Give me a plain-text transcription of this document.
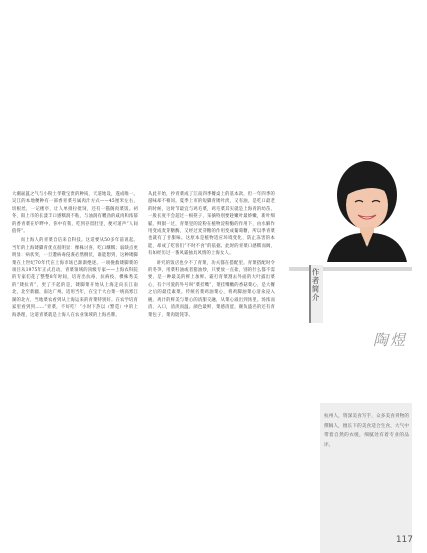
大潮氤氲之气与小粉土孝敬宝贵的种质，天道地设，遂成唯一。吴江的本地粳种有一部香青菜号属肉汁方式——45厘米左右，切根丝，一记楼亭，让人单排拉批饲，还有一猫阁肉菜饭。初冬，阳上市的长漾丰口感糯润不粘，与油润有嚼劲的咸肉和浓郁的香青菜在炉畔中，你中有我，吃到存留肚里，便可道声“人间值得”。

而上海人的青菜自信来自科技。这话要从50多年前说起。当年的上海矮脚青优点很明显：棵株讨喜，吃口酥糯；弱缺点更明显：病状突，一旦遭病毒侵袭必然倒伏，谁能想到，这种矮脚菜在上世纪70年代在上海市场已渐渐绝迹。一项挽救矮脚菜的项目从1975年正式启动，青菜领域的顶级专家——上海农科院的专家们花了整整8年时间，培育出抗毒、抗病疫、棵株秀美的“矮抗青”，更了不起的是，矮脚菜开始从上海走向长江南北，北至新疆、南达广州。适用当年，在宝于大白菜一统高寒江湖的北方，当地菜农看到从上海运来的青菜特别好。在农学培育家里看到到……“青菜，不好吃！”小时下热以（繁觅）中的上海条理，这道青菜就是上海人在农业领域的上海名牌。

从此开始，抄青菜成了江南四季餐桌上的基本款，但一年四季的滋味却不相同。夏季上市的短脚青矮叶淡，又有油，是吃口最老的时候，这时节最宜与鸡毛菜，鸡毛菜其实就是上海青的幼苗，一般长度不会超过一根筷子，采摘特别要趁嫩叶最娇嫩，新叶细腻，鲜甜一过，青菜里的淀粉在植物淀粉酶的作用下，由水解作用变成麦芽糖酶，又经过麦芽糖的作用变成葡萄糖，所以季青菜也就有了甘甜味。这原本是植物适应环境变化、防止冻害的本能，却成了吃客们“不时不食”的依据。此时的青菜口感糯而阔，有如经历过一番风霜抽具风情的上海女人。

讲究的饭店也少不了青菜，功夫都在搭配里。青菜搭配时令的冬笋，用菜籽油或者猪油炒，只要放一点盐，别的什么都不需要，是一种最美的鲜上加鲜。霜打青菜割去外面的大叶露出菜心，有个可爱的外号叫“菜挂嘴”，菜挂嘴嫩的香菇菜心，是大餐之后的最佳素菜。传统名菜鸡油菜心，将鸡脚油菜心清氽浸入碗，鸡汁的鲜美与菜心的清甜交融，从菜心溢出到汤里。汤浓而清、入口，清淡而温。颜色最鲜、菜感清涩，颇负盛名的还有青菜包子、菜肉馄饨等。

作者简介
陶煜
杭州人，资深美食写手，众多美食刊物的撰稿人，擅长下的美食适合生食，大气中带着自然的衣缓，细腻处有着专业的品评。
117
